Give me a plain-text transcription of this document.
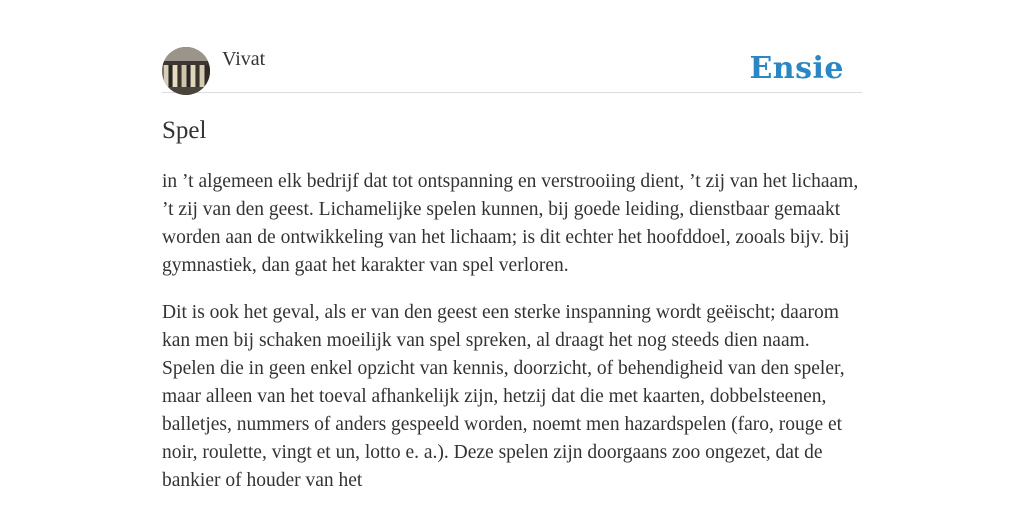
Vivat	Ensie
Spel

in ’t algemeen elk bedrijf dat tot ontspanning en verstrooiing dient, ’t zij van het lichaam, ’t zij van den geest. Lichamelijke spelen kunnen, bij goede leiding, dienstbaar gemaakt worden aan de ontwikkeling van het lichaam; is dit echter het hoofddoel, zooals bijv. bij gymnastiek, dan gaat het karakter van spel verloren.

Dit is ook het geval, als er van den geest een sterke inspanning wordt geëischt; daarom kan men bij schaken moeilijk van spel spreken, al draagt het nog steeds dien naam. Spelen die in geen enkel opzicht van kennis, doorzicht, of behendigheid van den speler, maar alleen van het toeval afhankelijk zijn, hetzij dat die met kaarten, dobbelsteenen, balletjes, nummers of anders gespeeld worden, noemt men hazardspelen (faro, rouge et noir, roulette, vingt et un, lotto e. a.). Deze spelen zijn doorgaans zoo ongezet, dat de bankier of houder van het
